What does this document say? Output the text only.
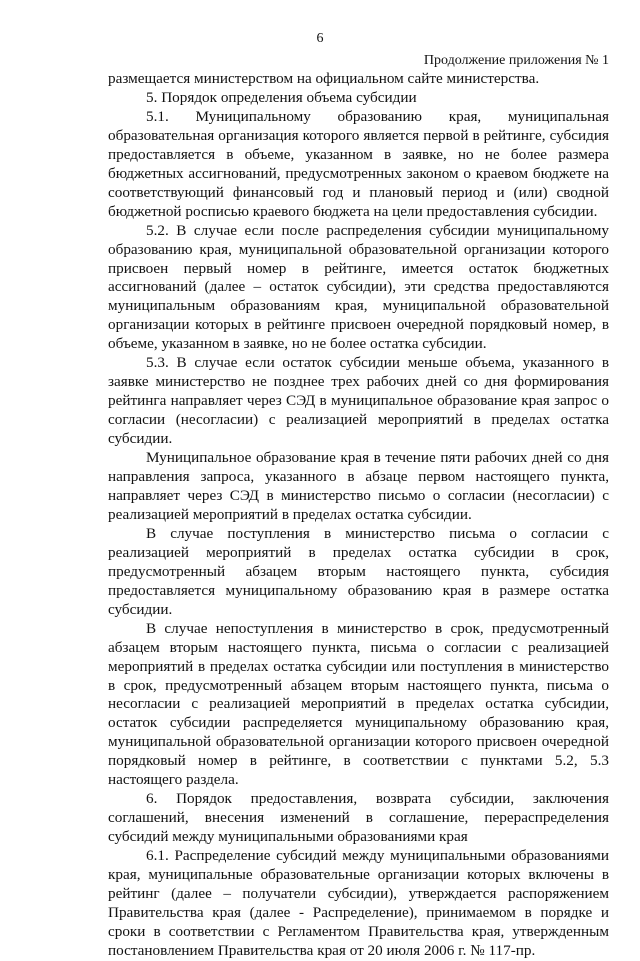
6
Продолжение приложения № 1

размещается министерством на официальном сайте министерства.

5. Порядок определения объема субсидии

5.1. Муниципальному образованию края, муниципальная образовательная организация которого является первой в рейтинге, субсидия предоставляется в объеме, указанном в заявке, но не более размера бюджетных ассигнований, предусмотренных законом о краевом бюджете на соответствующий финансовый год и плановый период и (или) сводной бюджетной росписью краевого бюджета на цели предоставления субсидии.

5.2. В случае если после распределения субсидии муниципальному образованию края, муниципальной образовательной организации которого присвоен первый номер в рейтинге, имеется остаток бюджетных ассигнований (далее – остаток субсидии), эти средства предоставляются муниципальным образованиям края, муниципальной образовательной организации которых в рейтинге присвоен очередной порядковый номер, в объеме, указанном в заявке, но не более остатка субсидии.

5.3. В случае если остаток субсидии меньше объема, указанного в заявке министерство не позднее трех рабочих дней со дня формирования рейтинга направляет через СЭД в муниципальное образование края запрос о согласии (несогласии) с реализацией мероприятий в пределах остатка субсидии.

Муниципальное образование края в течение пяти рабочих дней со дня направления запроса, указанного в абзаце первом настоящего пункта, направляет через СЭД в министерство письмо о согласии (несогласии) с реализацией мероприятий в пределах остатка субсидии.

В случае поступления в министерство письма о согласии с реализацией мероприятий в пределах остатка субсидии в срок, предусмотренный абзацем вторым настоящего пункта, субсидия предоставляется муниципальному образованию края в размере остатка субсидии.

В случае непоступления в министерство в срок, предусмотренный абзацем вторым настоящего пункта, письма о согласии с реализацией мероприятий в пределах остатка субсидии или поступления в министерство в срок, предусмотренный абзацем вторым настоящего пункта, письма о несогласии с реализацией мероприятий в пределах остатка субсидии, остаток субсидии распределяется муниципальному образованию края, муниципальной образовательной организации которого присвоен очередной порядковый номер в рейтинге, в соответствии с пунктами 5.2, 5.3 настоящего раздела.

6. Порядок предоставления, возврата субсидии, заключения соглашений, внесения изменений в соглашение, перераспределения субсидий между муниципальными образованиями края

6.1. Распределение субсидий между муниципальными образованиями края, муниципальные образовательные организации которых включены в рейтинг (далее – получатели субсидии), утверждается распоряжением Правительства края (далее - Распределение), принимаемом в порядке и сроки в соответствии с Регламентом Правительства края, утвержденным постановлением Правительства края от 20 июля 2006 г. № 117-пр.
